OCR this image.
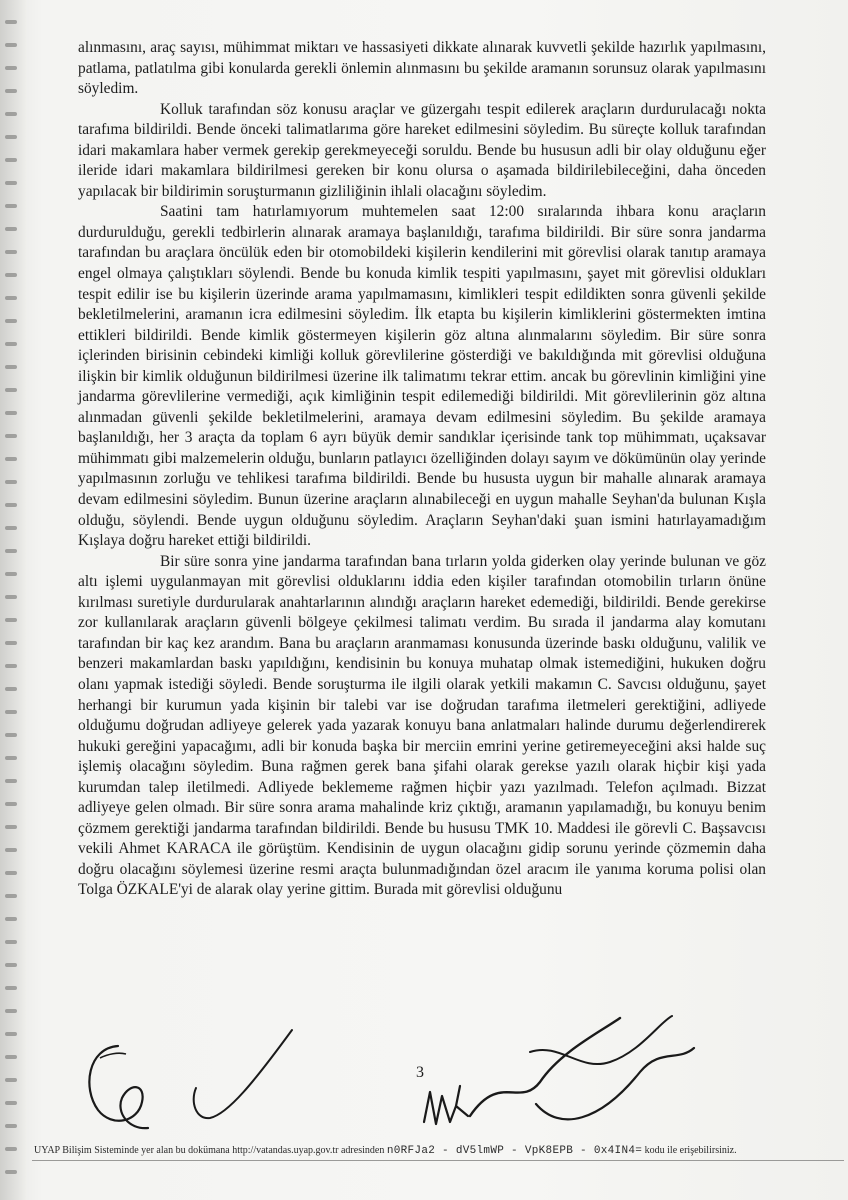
alınmasını, araç sayısı, mühimmat miktarı ve hassasiyeti dikkate alınarak kuvvetli şekilde hazırlık yapılmasını, patlama, patlatılma gibi konularda gerekli önlemin alınmasını bu şekilde aramanın sorunsuz olarak yapılmasını söyledim.

Kolluk tarafından söz konusu araçlar ve güzergahı tespit edilerek araçların durdurulacağı nokta tarafıma bildirildi. Bende önceki talimatlarıma göre hareket edilmesini söyledim. Bu süreçte kolluk tarafından idari makamlara haber vermek gerekip gerekmeyeceği soruldu. Bende bu hususun adli bir olay olduğunu eğer ileride idari makamlara bildirilmesi gereken bir konu olursa o aşamada bildirilebileceğini, daha önceden yapılacak bir bildirimin soruşturmanın gizliliğinin ihlali olacağını söyledim.

Saatini tam hatırlamıyorum muhtemelen saat 12:00 sıralarında ihbara konu araçların durdurulduğu, gerekli tedbirlerin alınarak aramaya başlanıldığı, tarafıma bildirildi. Bir süre sonra jandarma tarafından bu araçlara öncülük eden bir otomobildeki kişilerin kendilerini mit görevlisi olarak tanıtıp aramaya engel olmaya çalıştıkları söylendi. Bende bu konuda kimlik tespiti yapılmasını, şayet mit görevlisi oldukları tespit edilir ise bu kişilerin üzerinde arama yapılmamasını, kimlikleri tespit edildikten sonra güvenli şekilde bekletilmelerini, aramanın icra edilmesini söyledim. İlk etapta bu kişilerin kimliklerini göstermekten imtina ettikleri bildirildi. Bende kimlik göstermeyen kişilerin göz altına alınmalarını söyledim. Bir süre sonra içlerinden birisinin cebindeki kimliği kolluk görevlilerine gösterdiği ve bakıldığında mit görevlisi olduğuna ilişkin bir kimlik olduğunun bildirilmesi üzerine ilk talimatımı tekrar ettim. ancak bu görevlinin kimliğini yine jandarma görevlilerine vermediği, açık kimliğinin tespit edilemediği bildirildi. Mit görevlilerinin göz altına alınmadan güvenli şekilde bekletilmelerini, aramaya devam edilmesini söyledim. Bu şekilde aramaya başlanıldığı, her 3 araçta da toplam 6 ayrı büyük demir sandıklar içerisinde tank top mühimmatı, uçaksavar mühimmatı gibi malzemelerin olduğu, bunların patlayıcı özelliğinden dolayı sayım ve dökümünün olay yerinde yapılmasının zorluğu ve tehlikesi tarafıma bildirildi. Bende bu hususta uygun bir mahalle alınarak aramaya devam edilmesini söyledim. Bunun üzerine araçların alınabileceği en uygun mahalle Seyhan'da bulunan Kışla olduğu, söylendi. Bende uygun olduğunu söyledim. Araçların Seyhan'daki şuan ismini hatırlayamadığım Kışlaya doğru hareket ettiği bildirildi.

Bir süre sonra yine jandarma tarafından bana tırların yolda giderken olay yerinde bulunan ve göz altı işlemi uygulanmayan mit görevlisi olduklarını iddia eden kişiler tarafından otomobilin tırların önüne kırılması suretiyle durdurularak anahtarlarının alındığı araçların hareket edemediği, bildirildi. Bende gerekirse zor kullanılarak araçların güvenli bölgeye çekilmesi talimatı verdim. Bu sırada il jandarma alay komutanı tarafından bir kaç kez arandım. Bana bu araçların aranmaması konusunda üzerinde baskı olduğunu, valilik ve benzeri makamlardan baskı yapıldığını, kendisinin bu konuya muhatap olmak istemediğini, hukuken doğru olanı yapmak istediği söyledi. Bende soruşturma ile ilgili olarak yetkili makamın C. Savcısı olduğunu, şayet herhangi bir kurumun yada kişinin bir talebi var ise doğrudan tarafıma iletmeleri gerektiğini, adliyede olduğumu doğrudan adliyeye gelerek yada yazarak konuyu bana anlatmaları halinde durumu değerlendirerek hukuki gereğini yapacağımı, adli bir konuda başka bir merciin emrini yerine getiremeyeceğini aksi halde suç işlemiş olacağını söyledim. Buna rağmen gerek bana şifahi olarak gerekse yazılı olarak hiçbir kişi yada kurumdan talep iletilmedi. Adliyede beklememe rağmen hiçbir yazı yazılmadı. Telefon açılmadı. Bizzat adliyeye gelen olmadı. Bir süre sonra arama mahalinde kriz çıktığı, aramanın yapılamadığı, bu konuyu benim çözmem gerektiği jandarma tarafından bildirildi. Bende bu hususu TMK 10. Maddesi ile görevli C. Başsavcısı vekili Ahmet KARACA ile görüştüm. Kendisinin de uygun olacağını gidip sorunu yerinde çözmemin daha doğru olacağını söylemesi üzerine resmi araçta bulunmadığından özel aracım ile yanıma koruma polisi olan Tolga ÖZKALE'yi de alarak olay yerine gittim. Burada mit görevlisi olduğunu

3
UYAP Bilişim Sisteminde yer alan bu dokümana http://vatandas.uyap.gov.tr adresinden n0RFJa2 - dV5lmWP - VpK8EPB - 0x4IN4= kodu ile erişebilirsiniz.
